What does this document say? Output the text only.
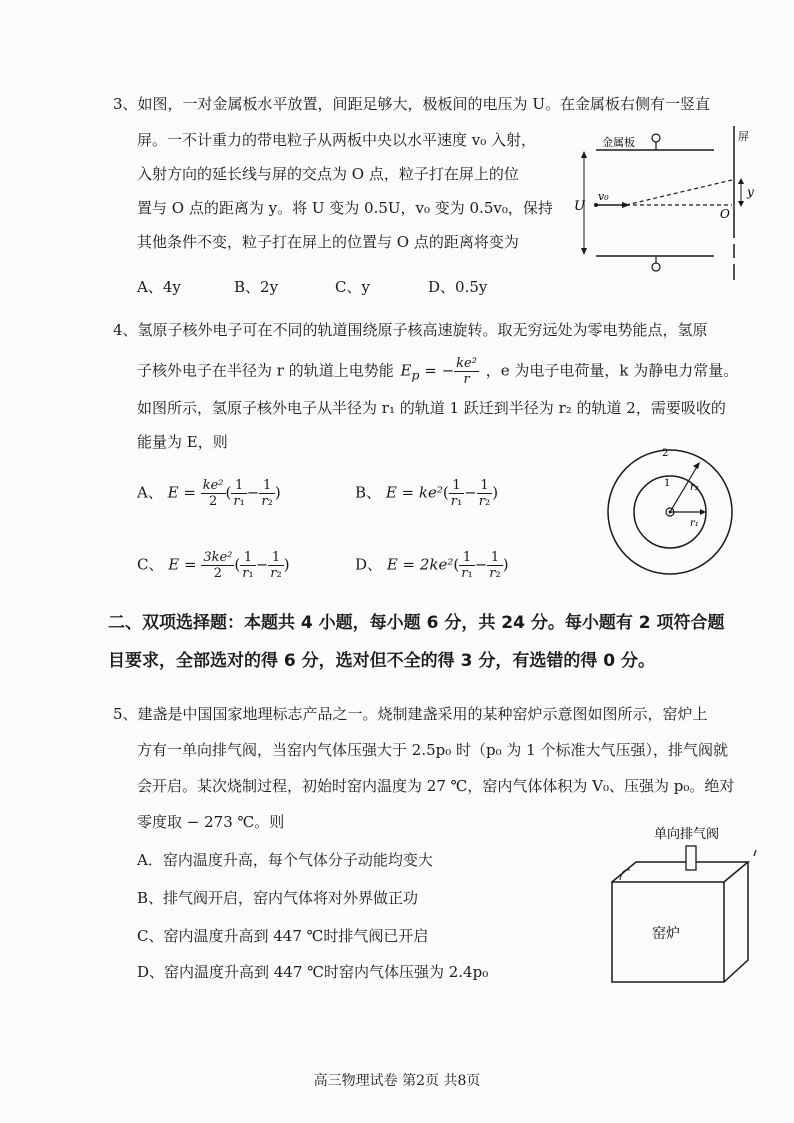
3、如图，一对金属板水平放置，间距足够大，极板间的电压为 U。在金属板右侧有一竖直
屏。一不计重力的带电粒子从两板中央以水平速度 v₀ 入射，
入射方向的延长线与屏的交点为 O 点，粒子打在屏上的位
置与 O 点的距离为 y。将 U 变为 0.5U，v₀ 变为 0.5v₀，保持
其他条件不变，粒子打在屏上的位置与 O 点的距离将变为
A、4y	B、2y	C、y	D、0.5y
金属板	屏
v₀
U	O
y
4、氢原子核外电子可在不同的轨道围绕原子核高速旋转。取无穷远处为零电势能点，氢原
子核外电子在半径为 r 的轨道上电势能 $E_p$ = − $\frac{\text{ke²}}{r}$ ，e 为电子电荷量，k 为静电力常量。
如图所示，氢原子核外电子从半径为 r₁ 的轨道 1 跃迁到半径为 r₂ 的轨道 2，需要吸收的
能量为 E，则
A、 $E = \frac{\text{ke²}}{2}$ ( $\frac{1}{\text{r₁}} - \frac{1}{\text{r₂}}$ )	B、 $E = ke^2( \frac{1}{\text{r₁}} - \frac{1}{\text{r₂}}$ )
C、 $E = \frac{\text{3ke²}}{2}$ ( $\frac{1}{\text{r₁}} - \frac{1}{\text{r₂}}$ )	D、 $E = 2ke^2( \frac{1}{\text{r₁}} - \frac{1}{\text{r₂}}$ )
2
1 r₂
r₁
二、双项选择题：本题共 4 小题，每小题 6 分，共 24 分。每小题有 2 项符合题
目要求，全部选对的得 6 分，选对但不全的得 3 分，有选错的得 0 分。
5、建盏是中国国家地理标志产品之一。烧制建盏采用的某种窑炉示意图如图所示，窑炉上
方有一单向排气阀，当窑内气体压强大于 2.5p₀ 时（p₀ 为 1 个标准大气压强），排气阀就
会开启。某次烧制过程，初始时窑内温度为 27 ℃，窑内气体体积为 V₀、压强为 p₀。绝对
零度取 − 273 ℃。则
A．窑内温度升高，每个气体分子动能均变大
B、排气阀开启，窑内气体将对外界做正功
C、窑内温度升高到 447 ℃时排气阀已开启
D、窑内温度升高到 447 ℃时窑内气体压强为 2.4p₀
单向排气阀
窑炉
高三物理试卷 第2页 共8页
